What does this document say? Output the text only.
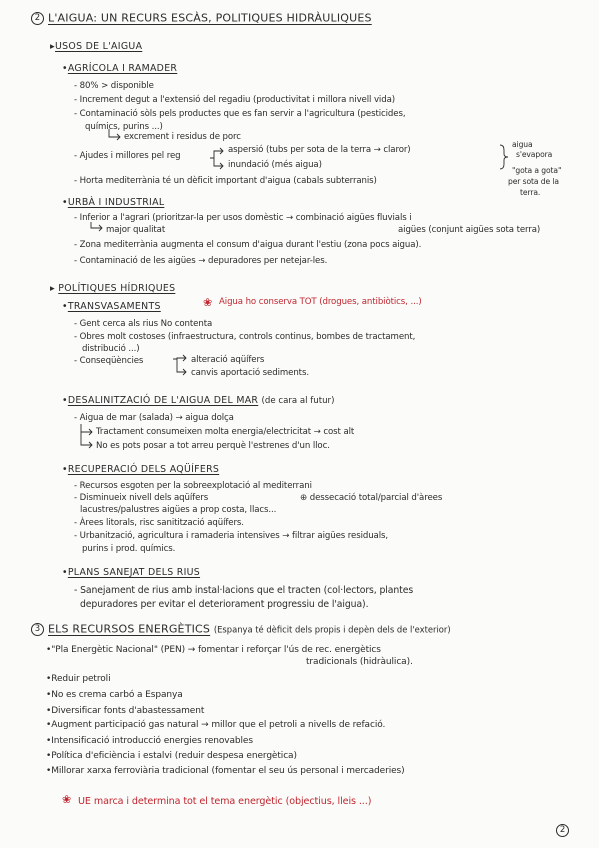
2 L'AIGUA: UN RECURS ESCÀS, POLITIQUES HIDRÀULIQUES
▸USOS DE L'AIGUA
•AGRÍCOLA I RAMADER
- 80% > disponible
- Increment degut a l'extensió del regadiu (productivitat i millora nivell vida)
- Contaminació sòls pels productes que es fan servir a l'agricultura (pesticides,
químics, purins ...)
excrement i residus de porc
- Ajudes i millores pel reg
aspersió (tubs per sota de la terra → claror)
inundació (més aigua)
aigua
s'evapora
"gota a gota"
per sota de la
terra.
- Horta mediterrània té un dèficit important d'aigua (cabals subterranis)
•URBÀ I INDUSTRIAL
- Inferior a l'agrari (prioritzar-la per usos domèstic → combinació aigües fluvials i
aigües (conjunt aigües sota terra)
major qualitat
- Zona mediterrània augmenta el consum d'aigua durant l'estiu (zona pocs aigua).
- Contaminació de les aigües → depuradores per netejar-les.
▸ POLÍTIQUES HÍDRIQUES
•TRANSVASAMENTS	❀ Aigua ho conserva TOT (drogues, antibiòtics, ...)
- Gent cerca als rius No contenta
- Obres molt costoses (infraestructura, controls continus, bombes de tractament,
distribució ...)
- Conseqüències	alteració aqüífers
canvis aportació sediments.
•DESALINITZACIÓ DE L'AIGUA DEL MAR (de cara al futur)
- Aigua de mar (salada) → aigua dolça
Tractament consumeixen molta energia/electricitat → cost alt
No es pots posar a tot arreu perquè l'estrenes d'un lloc.
•RECUPERACIÓ DELS AQÜÍFERS
- Recursos esgoten per la sobreexplotació al mediterrani
- Disminueix nivell dels aqüífers	⊕ dessecació total/parcial d'àrees
lacustres/palustres aigües a prop costa, llacs...
- Àrees litorals, risc sanitització aqüífers.
- Urbanització, agricultura i ramaderia intensives → filtrar aigües residuals,
purins i prod. químics.
•PLANS SANEJAT DELS RIUS
- Sanejament de rius amb instal·lacions que el tracten (col·lectors, plantes
depuradores per evitar el deteriorament progressiu de l'aigua).
3 ELS RECURSOS ENERGÈTICS (Espanya té dèficit dels propis i depèn dels de l'exterior)
•"Pla Energètic Nacional" (PEN) → fomentar i reforçar l'ús de rec. energètics
tradicionals (hidràulica).
•Reduir petroli
•No es crema carbó a Espanya
•Diversificar fonts d'abastessament
•Augment participació gas natural → millor que el petroli a nivells de refació.
•Intensificació introducció energies renovables
•Política d'eficiència i estalvi (reduir despesa energètica)
•Millorar xarxa ferroviària tradicional (fomentar el seu ús personal i mercaderies)
❀ UE marca i determina tot el tema energètic (objectius, lleis ...)
2
